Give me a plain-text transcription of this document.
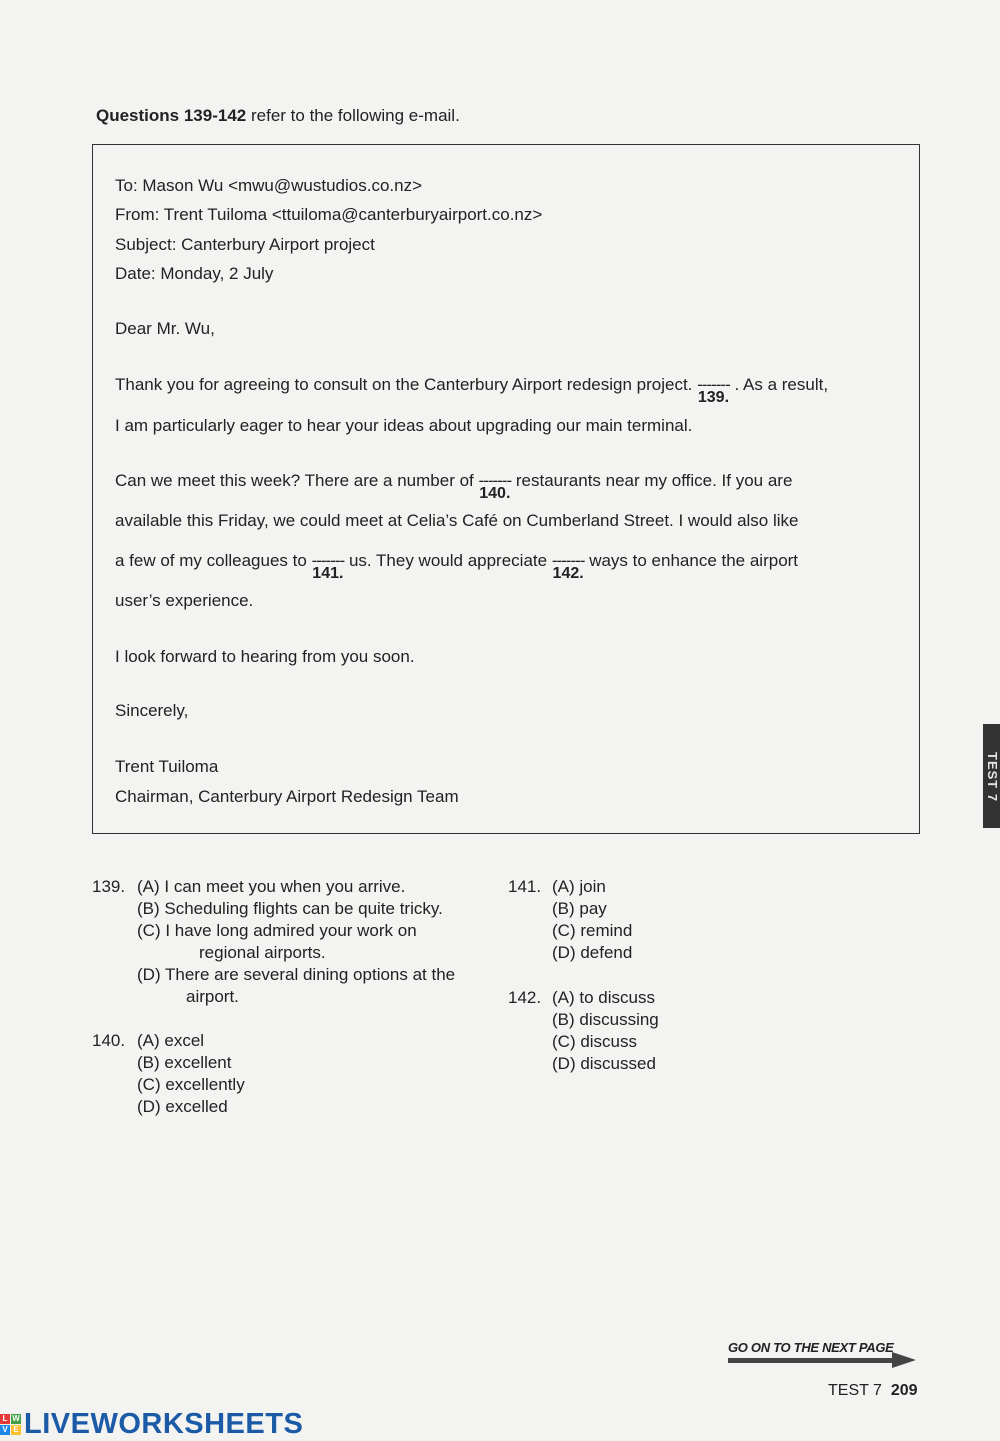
Questions 139-142 refer to the following e-mail.
To: Mason Wu <mwu@wustudios.co.nz>
From: Trent Tuiloma <ttuiloma@canterburyairport.co.nz>
Subject: Canterbury Airport project
Date: Monday, 2 July
Dear Mr. Wu,
Thank you for agreeing to consult on the Canterbury Airport redesign project. -------
139.
. As a result,
I am particularly eager to hear your ideas about upgrading our main terminal.
Can we meet this week? There are a number of -------
140.
restaurants near my office. If you are
available this Friday, we could meet at Celia’s Café on Cumberland Street. I would also like
a few of my colleagues to -------
141.
us. They would appreciate -------
142.
ways to enhance the airport
user’s experience.
I look forward to hearing from you soon.
Sincerely,
Trent Tuiloma
Chairman, Canterbury Airport Redesign Team
139. (A) I can meet you when you arrive.
(B) Scheduling flights can be quite tricky.
(C) I have long admired your work on
regional airports.
(D) There are several dining options at the
airport.
140. (A) excel
(B) excellent
(C) excellently
(D) excelled
141. (A) join
(B) pay
(C) remind
(D) defend
142. (A) to discuss
(B) discussing
(C) discuss
(D) discussed
TEST 7
GO ON TO THE NEXT PAGE
TEST 7 209
L W
V E LIVEWORKSHEETS
